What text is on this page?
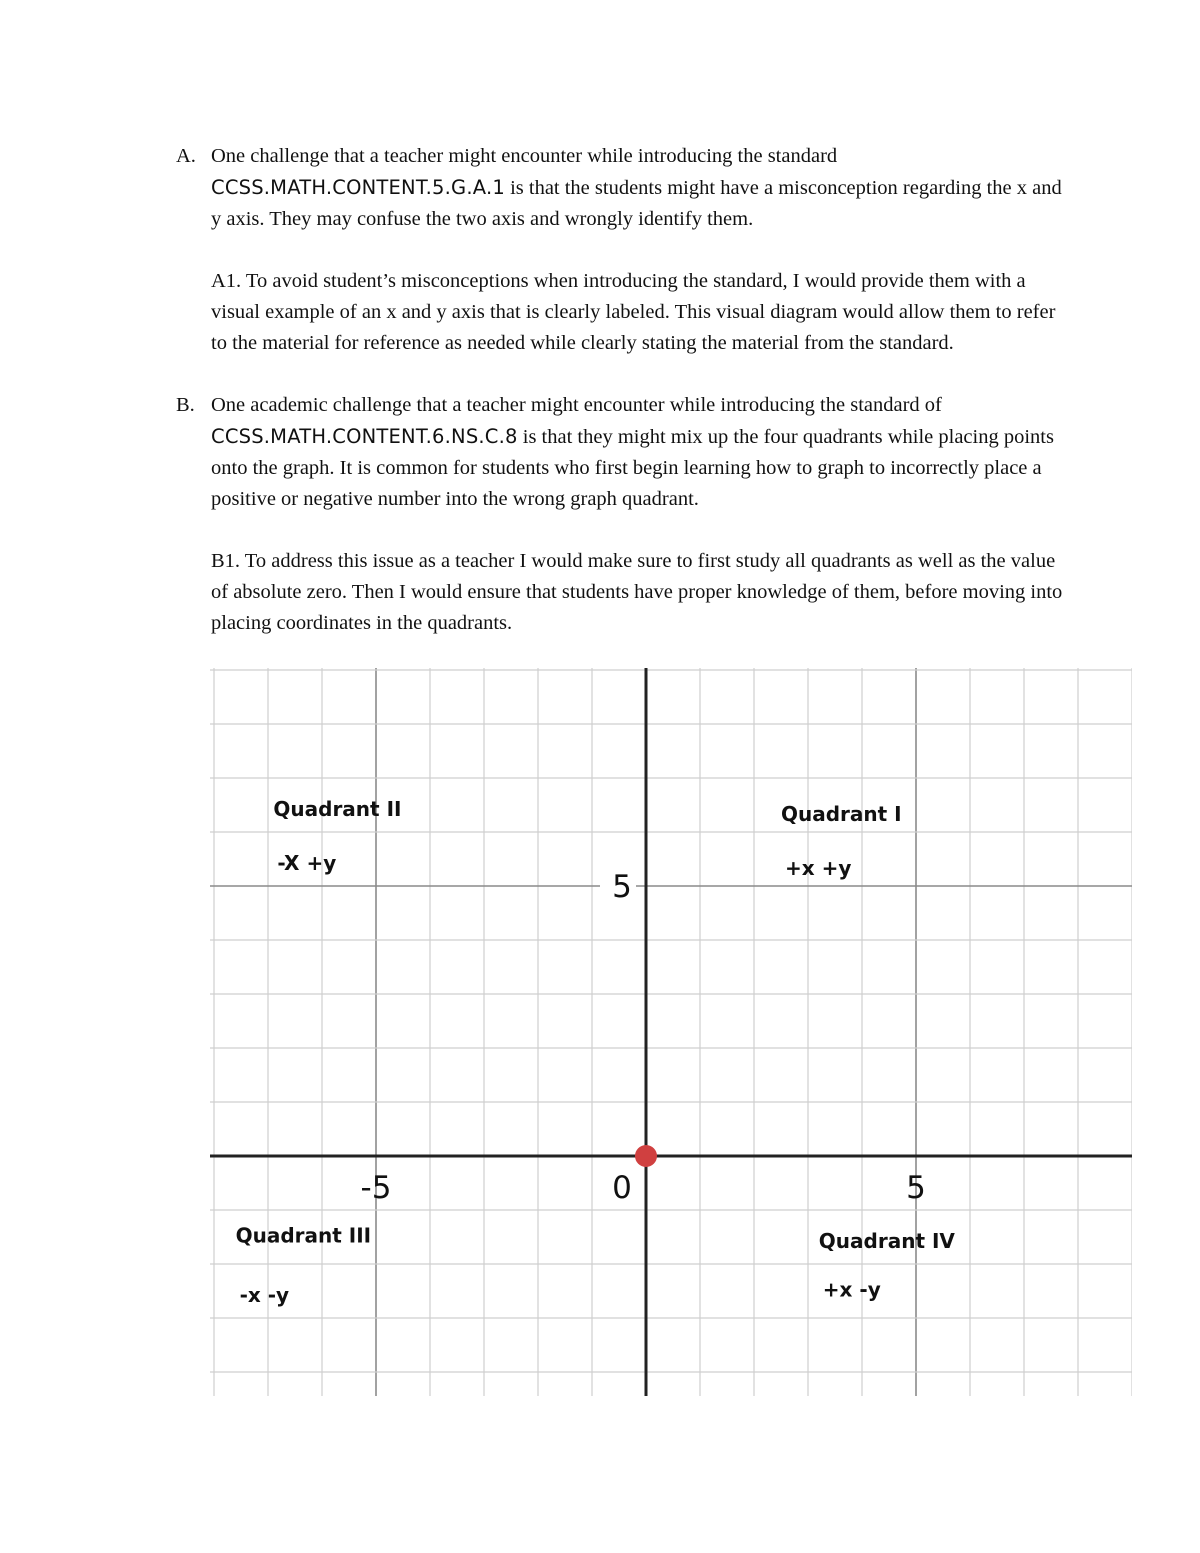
A. One challenge that a teacher might encounter while introducing the standard
CCSS.MATH.CONTENT.5.G.A.1 is that the students might have a misconception regarding the x and y axis. They may confuse the two axis and wrongly identify them.

A1. To avoid student’s misconceptions when introducing the standard, I would provide them with a visual example of an x and y axis that is clearly labeled. This visual diagram would allow them to refer to the material for reference as needed while clearly stating the material from the standard.

B. One academic challenge that a teacher might encounter while introducing the standard of
CCSS.MATH.CONTENT.6.NS.C.8 is that they might mix up the four quadrants while placing points onto the graph. It is common for students who first begin learning how to graph to incorrectly place a positive or negative number into the wrong graph quadrant.

B1. To address this issue as a teacher I would make sure to first study all quadrants as well as the value of absolute zero. Then I would ensure that students have proper knowledge of them, before moving into placing coordinates in the quadrants.

-5	0	5
5
Quadrant II
-X +y
Quadrant I
+x +y
Quadrant III
-x -y
Quadrant IV
+x -y
